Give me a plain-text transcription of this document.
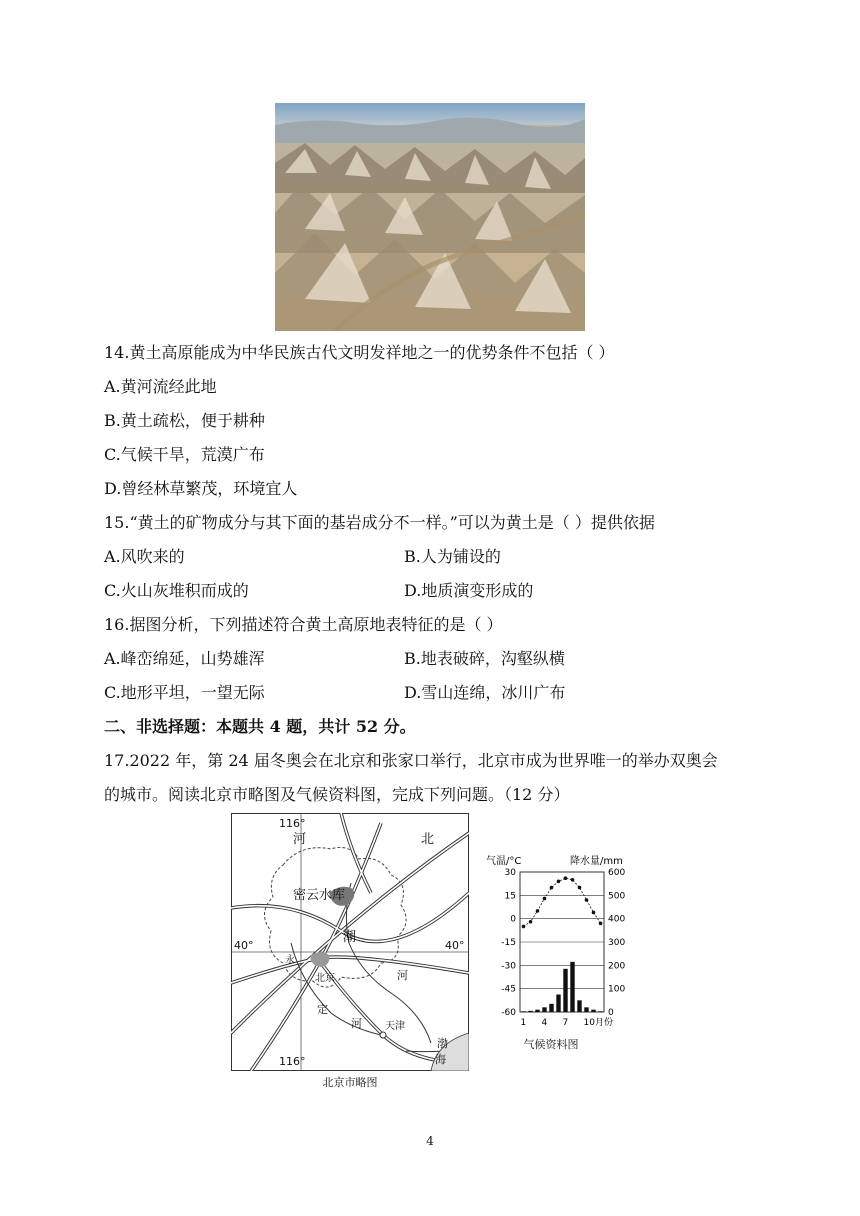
14.黄土高原能成为中华民族古代文明发祥地之一的优势条件不包括（ ）
A.黄河流经此地
B.黄土疏松，便于耕种
C.气候干旱，荒漠广布
D.曾经林草繁茂，环境宜人
15.“黄土的矿物成分与其下面的基岩成分不一样。”可以为黄土是（ ）提供依据
A.风吹来的	B.人为铺设的
C.火山灰堆积而成的	D.地质演变形成的
16.据图分析，下列描述符合黄土高原地表特征的是（ ）
A.峰峦绵延，山势雄浑	B.地表破碎，沟壑纵横
C.地形平坦，一望无际	D.雪山连绵，冰川广布
二、非选择题：本题共 4 题，共计 52 分。
17.2022 年，第 24 届冬奥会在北京和张家口举行，北京市成为世界唯一的举办双奥会
的城市。阅读北京市略图及气候资料图，完成下列问题。（12 分）
116°
116°
40°	40°
河	北
密云水库
潮
北京	河
永
定
河 天津
渤
海
北京市略图
气温/°C	降水量/mm
30	600
15	500
0	400
-15	300
-30	200
-45	100
-60	0
1 4 7 10月份
气候资料图
4
